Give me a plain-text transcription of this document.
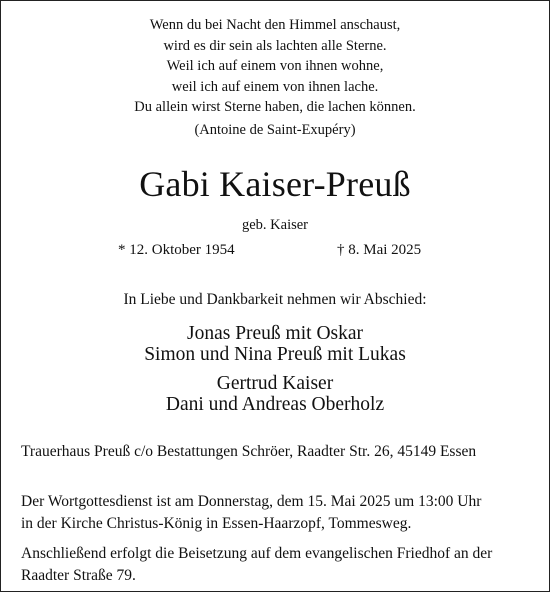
Wenn du bei Nacht den Himmel anschaust,
wird es dir sein als lachten alle Sterne.
Weil ich auf einem von ihnen wohne,
weil ich auf einem von ihnen lache.
Du allein wirst Sterne haben, die lachen können.
(Antoine de Saint-Exupéry)
Gabi Kaiser-Preuß
geb. Kaiser
* 12. Oktober 1954	† 8. Mai 2025
In Liebe und Dankbarkeit nehmen wir Abschied:
Jonas Preuß mit Oskar
Simon und Nina Preuß mit Lukas
Gertrud Kaiser
Dani und Andreas Oberholz
Trauerhaus Preuß c/o Bestattungen Schröer, Raadter Str. 26, 45149 Essen
Der Wortgottesdienst ist am Donnerstag, dem 15. Mai 2025 um 13:00 Uhr
in der Kirche Christus-König in Essen-Haarzopf, Tommesweg.
Anschließend erfolgt die Beisetzung auf dem evangelischen Friedhof an der
Raadter Straße 79.
